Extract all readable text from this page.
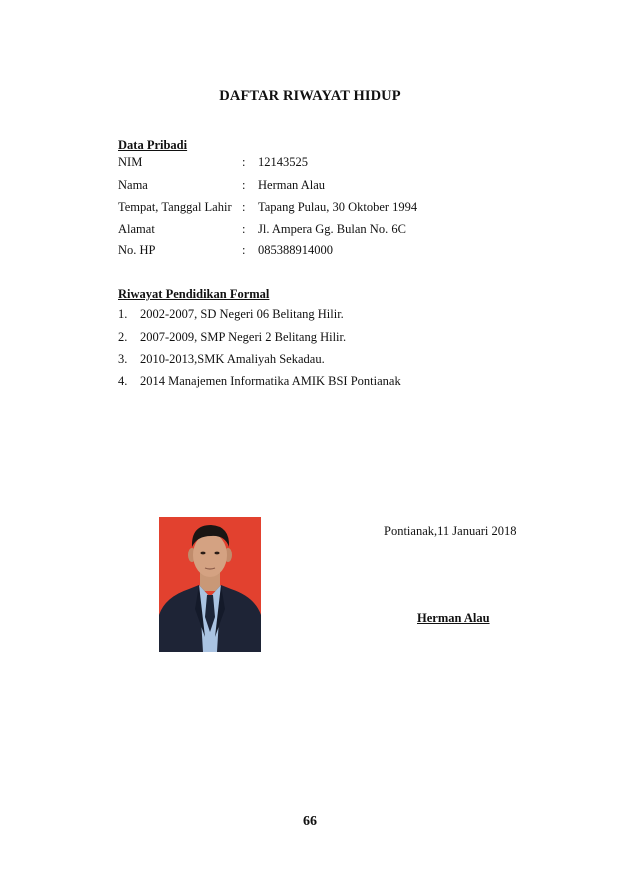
DAFTAR RIWAYAT HIDUP
Data Pribadi
NIM	: 12143525
Nama	: Herman Alau
Tempat, Tanggal Lahir : Tapang Pulau, 30 Oktober 1994
Alamat	: Jl. Ampera Gg. Bulan No. 6C
No. HP	: 085388914000
Riwayat Pendidikan Formal
1. 2002-2007, SD Negeri 06 Belitang Hilir.
2. 2007-2009, SMP Negeri 2 Belitang Hilir.
3. 2010-2013,SMK Amaliyah Sekadau.
4. 2014 Manajemen Informatika AMIK BSI Pontianak
Pontianak,11 Januari 2018
Herman Alau
66
